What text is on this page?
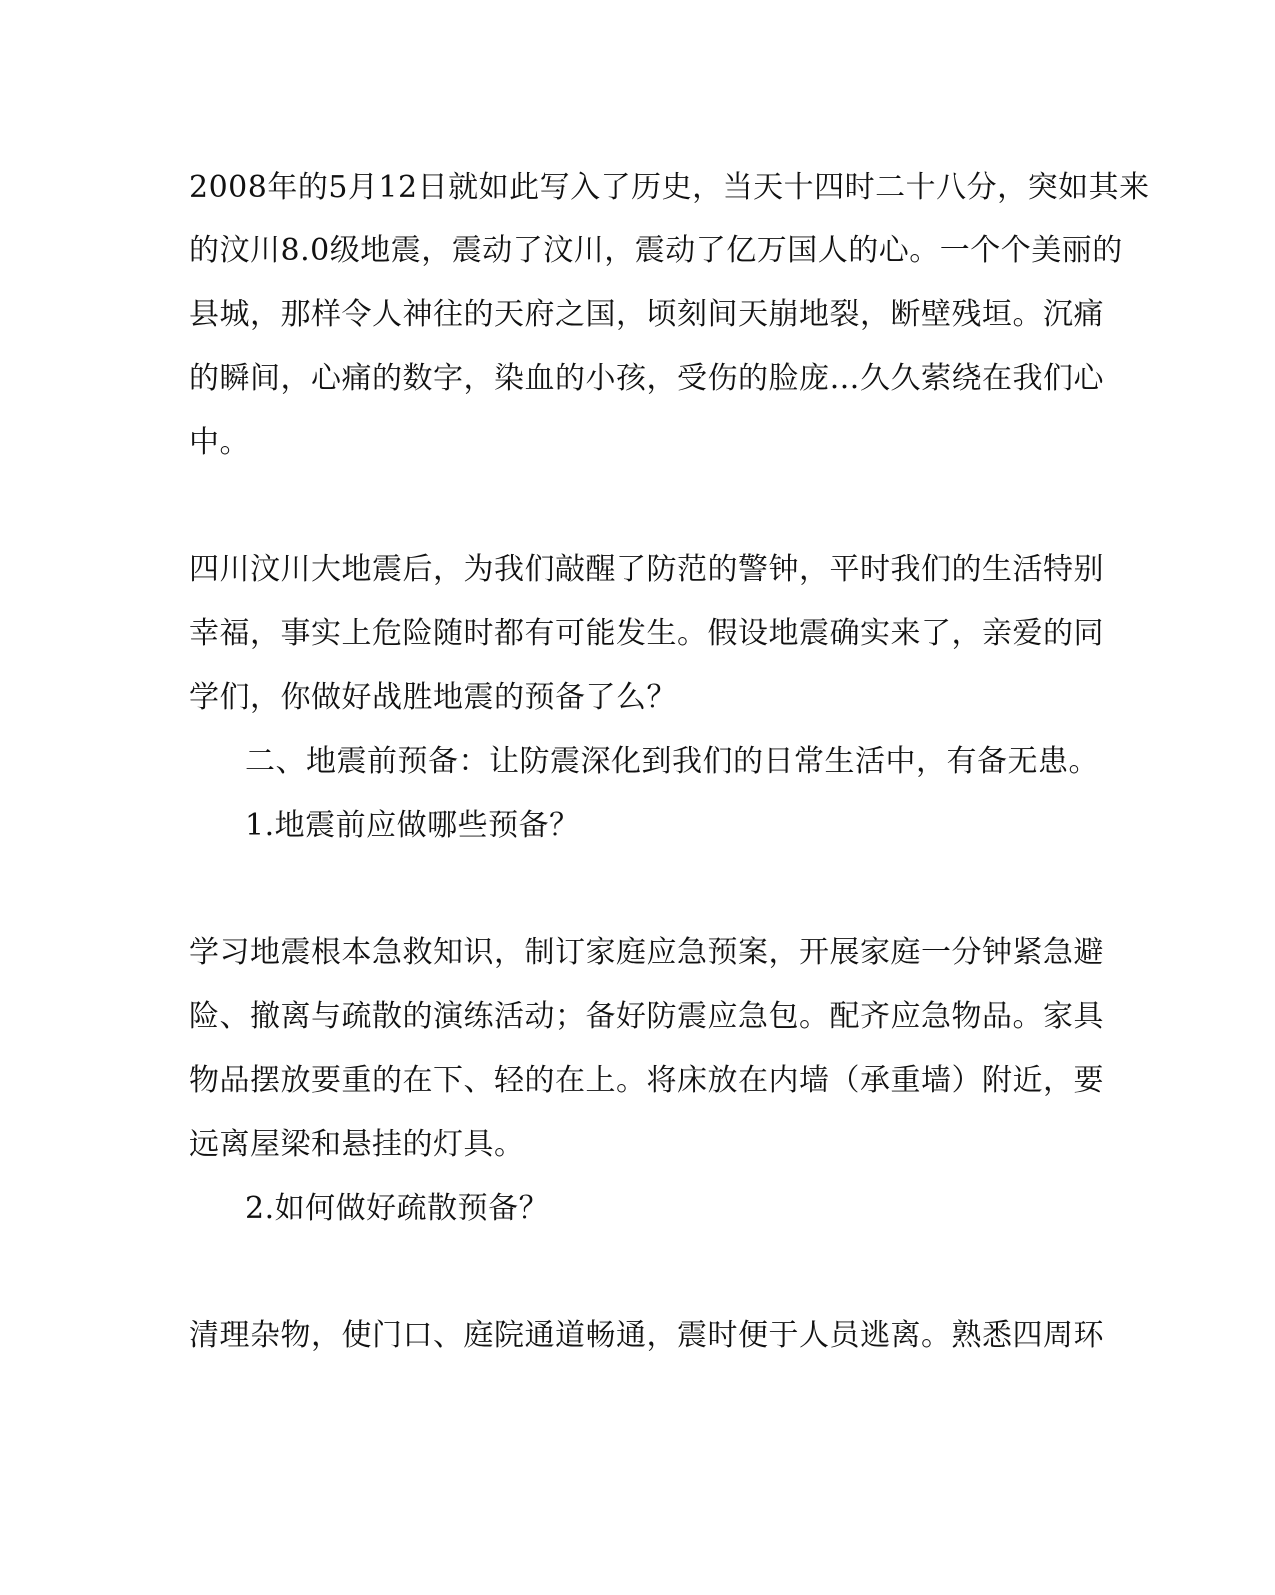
2008年的5月12日就如此写入了历史，当天十四时二十八分，突如其来
的汶川8.0级地震，震动了汶川，震动了亿万国人的心。一个个美丽的
县城，那样令人神往的天府之国，顷刻间天崩地裂，断壁残垣。沉痛
的瞬间，心痛的数字，染血的小孩，受伤的脸庞…久久萦绕在我们心
中。
四川汶川大地震后，为我们敲醒了防范的警钟，平时我们的生活特别
幸福，事实上危险随时都有可能发生。假设地震确实来了，亲爱的同
学们，你做好战胜地震的预备了么？
二、地震前预备：让防震深化到我们的日常生活中，有备无患。
1.地震前应做哪些预备？
学习地震根本急救知识，制订家庭应急预案，开展家庭一分钟紧急避
险、撤离与疏散的演练活动；备好防震应急包。配齐应急物品。家具
物品摆放要重的在下、轻的在上。将床放在内墙（承重墙）附近，要
远离屋梁和悬挂的灯具。
2.如何做好疏散预备？
清理杂物，使门口、庭院通道畅通，震时便于人员逃离。熟悉四周环
